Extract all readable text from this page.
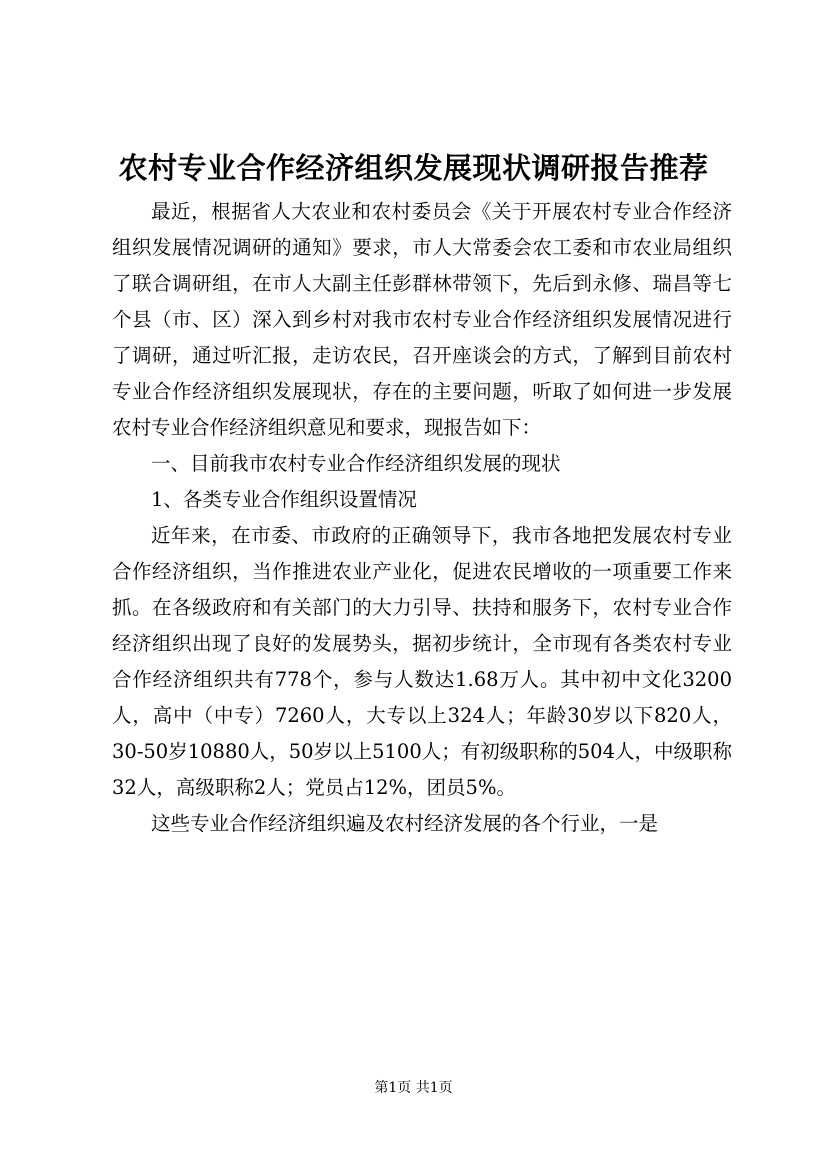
农村专业合作经济组织发展现状调研报告推荐

最近，根据省人大农业和农村委员会《关于开展农村专业合作经济组织发展情况调研的通知》要求，市人大常委会农工委和市农业局组织了联合调研组，在市人大副主任彭群林带领下，先后到永修、瑞昌等七个县（市、区）深入到乡村对我市农村专业合作经济组织发展情况进行了调研，通过听汇报，走访农民，召开座谈会的方式，了解到目前农村专业合作经济组织发展现状，存在的主要问题，听取了如何进一步发展农村专业合作经济组织意见和要求，现报告如下：

一、目前我市农村专业合作经济组织发展的现状

1、各类专业合作组织设置情况

近年来，在市委、市政府的正确领导下，我市各地把发展农村专业合作经济组织，当作推进农业产业化，促进农民增收的一项重要工作来抓。在各级政府和有关部门的大力引导、扶持和服务下，农村专业合作经济组织出现了良好的发展势头，据初步统计，全市现有各类农村专业合作经济组织共有778个，参与人数达1.68万人。其中初中文化3200人，高中（中专）7260人，大专以上324人；年龄30岁以下820人，30-50岁10880人，50岁以上5100人；有初级职称的504人，中级职称32人，高级职称2人；党员占12%，团员5%。

这些专业合作经济组织遍及农村经济发展的各个行业，一是

第1页 共1页
